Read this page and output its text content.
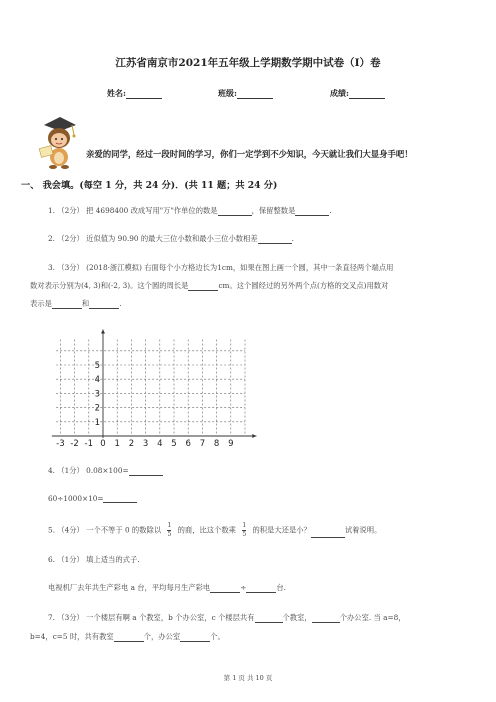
江苏省南京市2021年五年级上学期数学期中试卷（I）卷
姓名:	班级:	成绩:
亲爱的同学，经过一段时间的学习，你们一定学到不少知识，今天就让我们大显身手吧！
一、 我会填。(每空 1 分，共 24 分)．(共 11 题；共 24 分)
1. （2分） 把 4698400 改成写用"万"作单位的数是	，保留整数是	.
2. （2分） 近似值为 90.90 的最大三位小数和最小三位小数相差	.
3. （3分） (2018·浙江模拟) 右面每个小方格边长为1cm，如果在图上画一个圆，其中一条直径两个端点用
数对表示分别为(4, 3)和(-2, 3)。这个圆的周长是	cm。这个圆经过的另外两个点(方格的交叉点)用数对
表示是	和	.
-3 -2 -1 0 1 2 3 4 5 6 7 8 9
1
2
3
4
5
4. （1分） 0.08×100=
60÷1000×10=
5. （4分） 一个不等于 0 的数除以 $\frac{1}{5}$ 的商，比这个数乘 $\frac{1}{5}$ 的积是大还是小？	试着说明。
6. （1分） 填上适当的式子.
电视机厂去年共生产彩电 a 台，平均每月生产彩电	÷	台.
7. （3分） 一个楼层有啊 a 个教室，b 个办公室，c 个楼层共有	个教室，	个办公室. 当 a=8，
b=4，c=5 时，共有教室	个，办公室	个。
第 1 页 共 10 页
